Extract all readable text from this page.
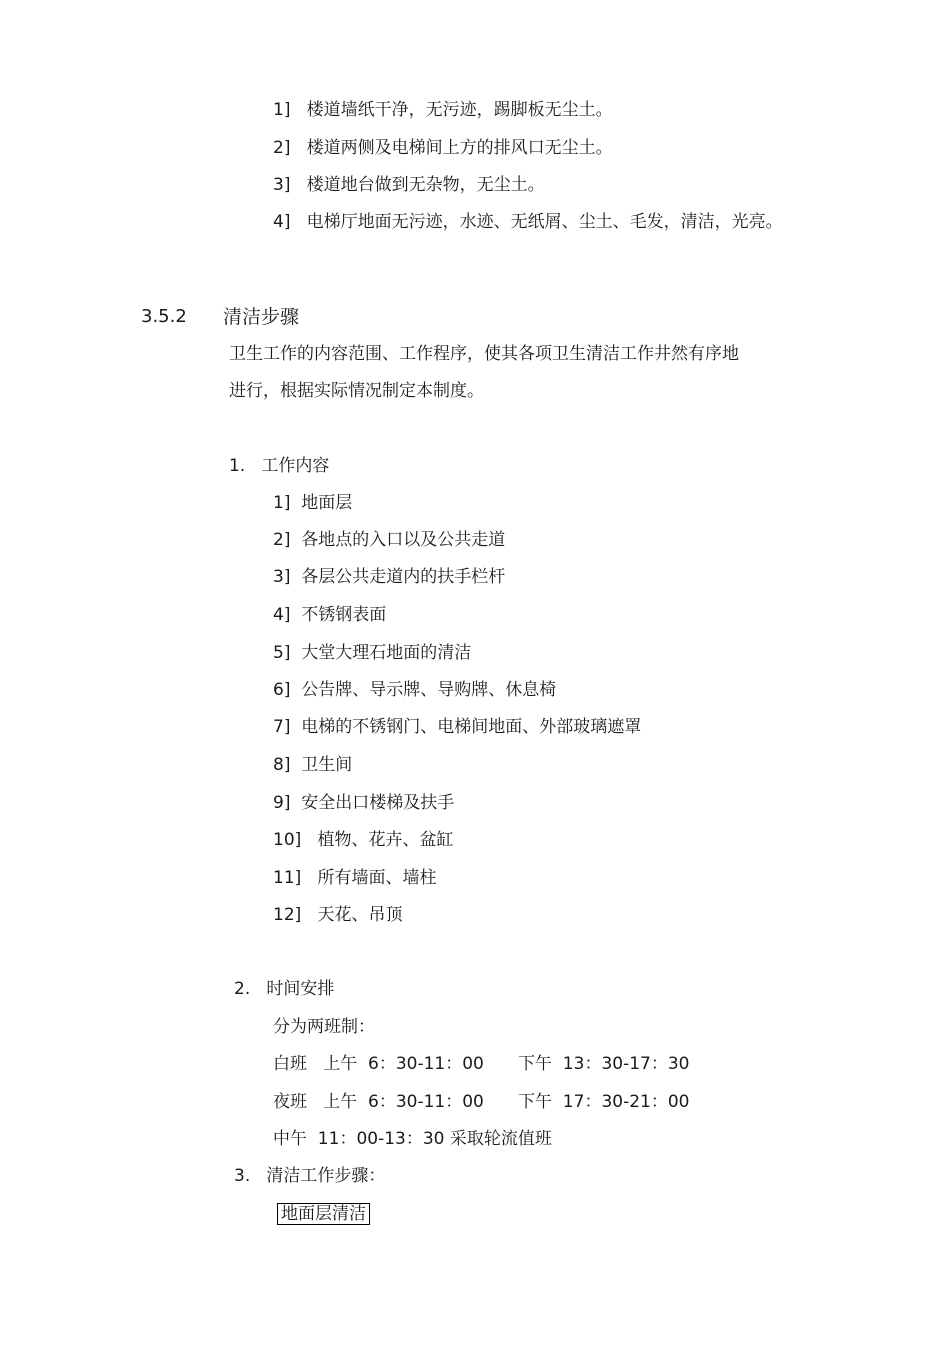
1]   楼道墙纸干净，无污迹，踢脚板无尘土。
2]   楼道两侧及电梯间上方的排风口无尘土。
3]   楼道地台做到无杂物，无尘土。
4]   电梯厅地面无污迹，水迹、无纸屑、尘土、毛发，清洁，光亮。
3.5.2 清洁步骤
卫生工作的内容范围、工作程序，使其各项卫生清洁工作井然有序地
进行，根据实际情况制定本制度。
1.   工作内容
1]  地面层
2]  各地点的入口以及公共走道
3]  各层公共走道内的扶手栏杆
4]  不锈钢表面
5]  大堂大理石地面的清洁
6]  公告牌、导示牌、导购牌、休息椅
7]  电梯的不锈钢门、电梯间地面、外部玻璃遮罩
8]  卫生间
9]  安全出口楼梯及扶手
10]   植物、花卉、盆缸
11]   所有墙面、墙柱
12]   天花、吊顶
2.   时间安排
分为两班制：
白班   上午  6：30-11：00 下午  13：30-17：30
夜班   上午  6：30-11：00 下午  17：30-21：00
中午  11：00-13：30 采取轮流值班
3.   清洁工作步骤：
地面层清洁
